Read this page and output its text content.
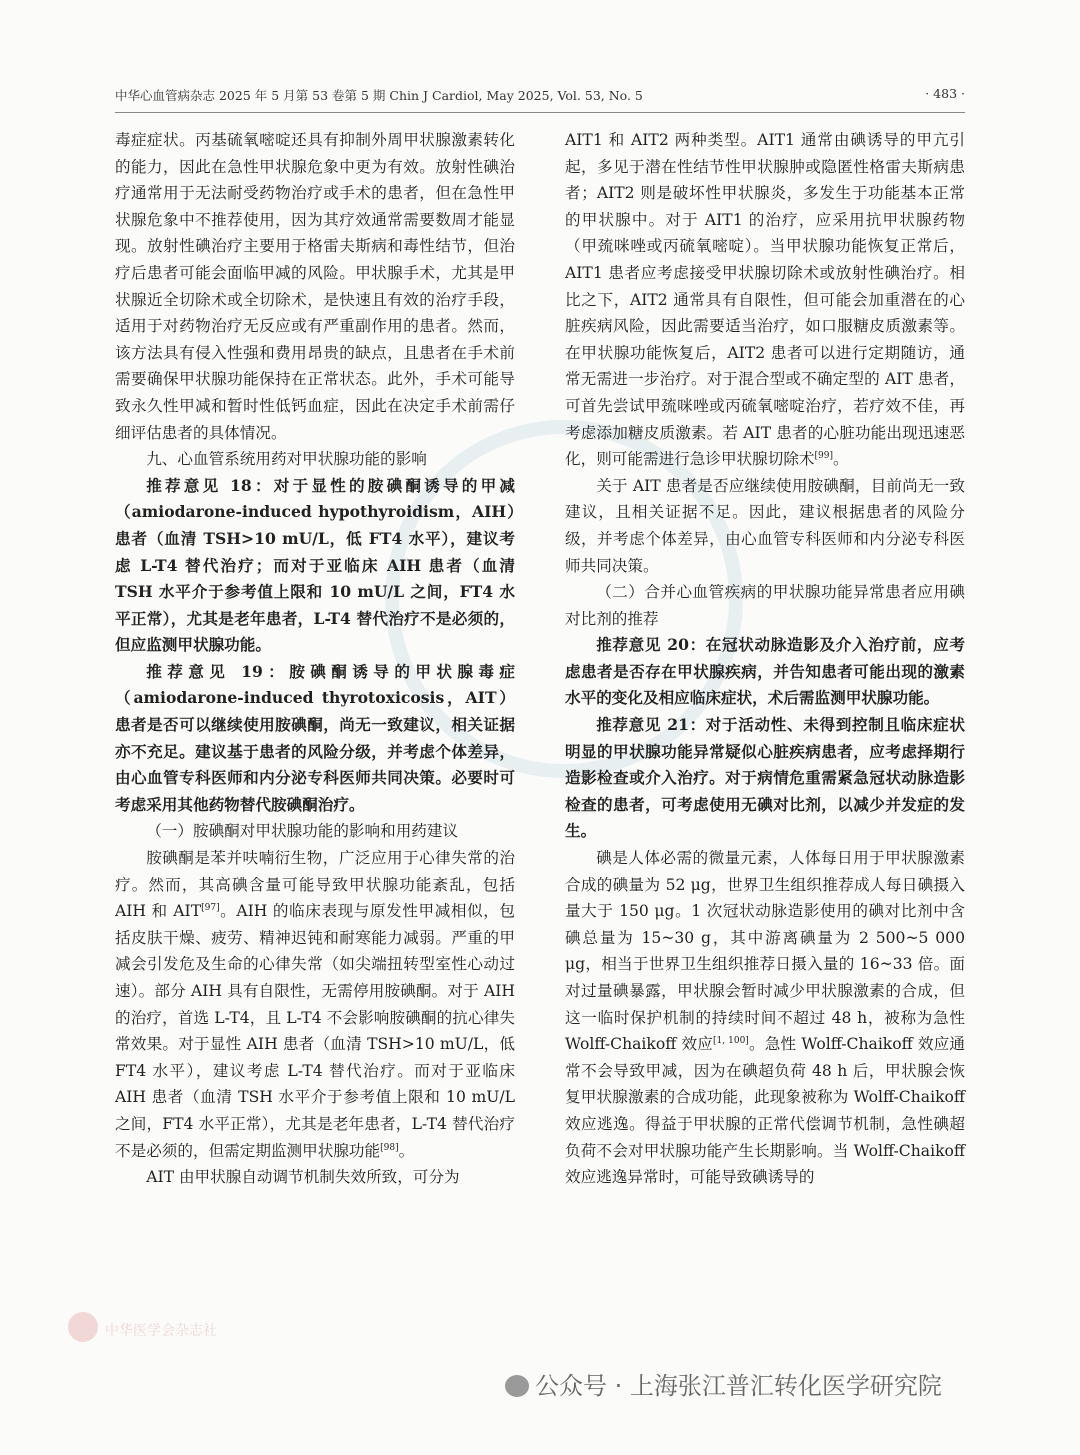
中华心血管病杂志 2025 年 5 月第 53 卷第 5 期 Chin J Cardiol, May 2025, Vol. 53, No. 5	· 483 ·

毒症症状。丙基硫氧嘧啶还具有抑制外周甲状腺激素转化的能力，因此在急性甲状腺危象中更为有效。放射性碘治疗通常用于无法耐受药物治疗或手术的患者，但在急性甲状腺危象中不推荐使用，因为其疗效通常需要数周才能显现。放射性碘治疗主要用于格雷夫斯病和毒性结节，但治疗后患者可能会面临甲减的风险。甲状腺手术，尤其是甲状腺近全切除术或全切除术，是快速且有效的治疗手段，适用于对药物治疗无反应或有严重副作用的患者。然而，该方法具有侵入性强和费用昂贵的缺点，且患者在手术前需要确保甲状腺功能保持在正常状态。此外，手术可能导致永久性甲减和暂时性低钙血症，因此在决定手术前需仔细评估患者的具体情况。

九、心血管系统用药对甲状腺功能的影响

推荐意见 18：对于显性的胺碘酮诱导的甲减（amiodarone-induced hypothyroidism，AIH）患者（血清 TSH>10 mU/L，低 FT4 水平），建议考虑 L-T4 替代治疗；而对于亚临床 AIH 患者（血清 TSH 水平介于参考值上限和 10 mU/L 之间，FT4 水平正常），尤其是老年患者，L-T4 替代治疗不是必须的，但应监测甲状腺功能。

推荐意见 19：胺碘酮诱导的甲状腺毒症（amiodarone-induced thyrotoxicosis，AIT）患者是否可以继续使用胺碘酮，尚无一致建议，相关证据亦不充足。建议基于患者的风险分级，并考虑个体差异，由心血管专科医师和内分泌专科医师共同决策。必要时可考虑采用其他药物替代胺碘酮治疗。

（一）胺碘酮对甲状腺功能的影响和用药建议

胺碘酮是苯并呋喃衍生物，广泛应用于心律失常的治疗。然而，其高碘含量可能导致甲状腺功能紊乱，包括 AIH 和 AIT[97]。AIH 的临床表现与原发性甲减相似，包括皮肤干燥、疲劳、精神迟钝和耐寒能力减弱。严重的甲减会引发危及生命的心律失常（如尖端扭转型室性心动过速）。部分 AIH 具有自限性，无需停用胺碘酮。对于 AIH 的治疗，首选 L-T4，且 L-T4 不会影响胺碘酮的抗心律失常效果。对于显性 AIH 患者（血清 TSH>10 mU/L，低 FT4 水平），建议考虑 L-T4 替代治疗。而对于亚临床 AIH 患者（血清 TSH 水平介于参考值上限和 10 mU/L 之间，FT4 水平正常），尤其是老年患者，L-T4 替代治疗不是必须的，但需定期监测甲状腺功能[98]。

AIT 由甲状腺自动调节机制失效所致，可分为

AIT1 和 AIT2 两种类型。AIT1 通常由碘诱导的甲亢引起，多见于潜在性结节性甲状腺肿或隐匿性格雷夫斯病患者；AIT2 则是破坏性甲状腺炎，多发生于功能基本正常的甲状腺中。对于 AIT1 的治疗，应采用抗甲状腺药物（甲巯咪唑或丙硫氧嘧啶）。当甲状腺功能恢复正常后，AIT1 患者应考虑接受甲状腺切除术或放射性碘治疗。相比之下，AIT2 通常具有自限性，但可能会加重潜在的心脏疾病风险，因此需要适当治疗，如口服糖皮质激素等。在甲状腺功能恢复后，AIT2 患者可以进行定期随访，通常无需进一步治疗。对于混合型或不确定型的 AIT 患者，可首先尝试甲巯咪唑或丙硫氧嘧啶治疗，若疗效不佳，再考虑添加糖皮质激素。若 AIT 患者的心脏功能出现迅速恶化，则可能需进行急诊甲状腺切除术[99]。

关于 AIT 患者是否应继续使用胺碘酮，目前尚无一致建议，且相关证据不足。因此，建议根据患者的风险分级，并考虑个体差异，由心血管专科医师和内分泌专科医师共同决策。

（二）合并心血管疾病的甲状腺功能异常患者应用碘对比剂的推荐

推荐意见 20：在冠状动脉造影及介入治疗前，应考虑患者是否存在甲状腺疾病，并告知患者可能出现的激素水平的变化及相应临床症状，术后需监测甲状腺功能。

推荐意见 21：对于活动性、未得到控制且临床症状明显的甲状腺功能异常疑似心脏疾病患者，应考虑择期行造影检查或介入治疗。对于病情危重需紧急冠状动脉造影检查的患者，可考虑使用无碘对比剂，以减少并发症的发生。

碘是人体必需的微量元素，人体每日用于甲状腺激素合成的碘量为 52 μg，世界卫生组织推荐成人每日碘摄入量大于 150 μg。1 次冠状动脉造影使用的碘对比剂中含碘总量为 15~30 g，其中游离碘量为 2 500~5 000 μg，相当于世界卫生组织推荐日摄入量的 16~33 倍。面对过量碘暴露，甲状腺会暂时减少甲状腺激素的合成，但这一临时保护机制的持续时间不超过 48 h，被称为急性 Wolff-Chaikoff 效应[1, 100]。急性 Wolff-Chaikoff 效应通常不会导致甲减，因为在碘超负荷 48 h 后，甲状腺会恢复甲状腺激素的合成功能，此现象被称为 Wolff-Chaikoff 效应逃逸。得益于甲状腺的正常代偿调节机制，急性碘超负荷不会对甲状腺功能产生长期影响。当 Wolff-Chaikoff 效应逃逸异常时，可能导致碘诱导的

中华医学会杂志社
公众号 · 上海张江普汇转化医学研究院
